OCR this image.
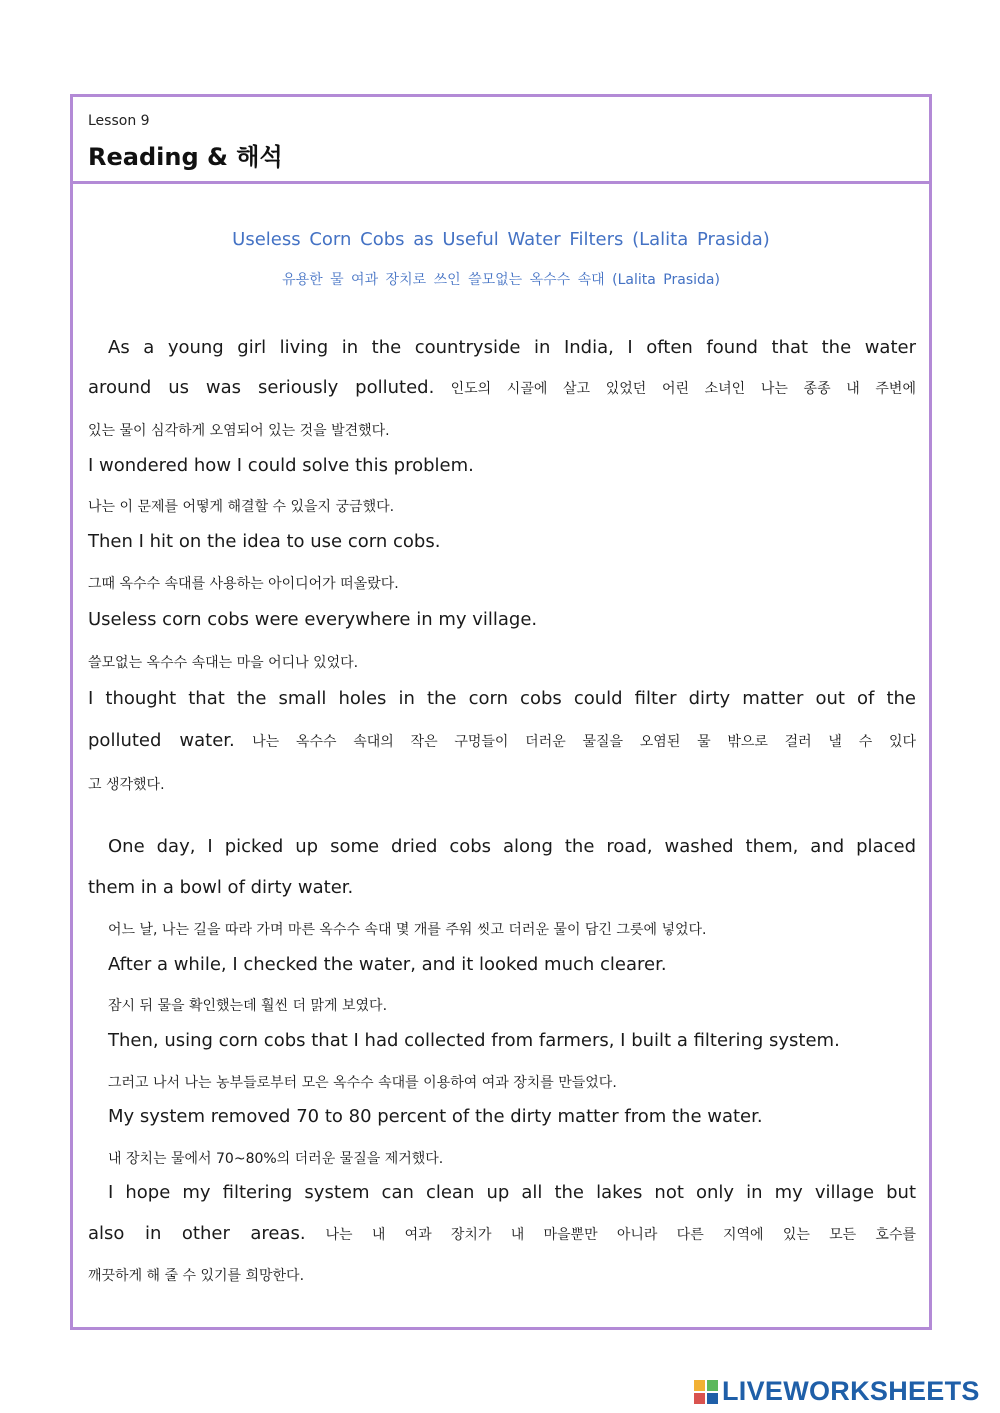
Lesson 9
Reading & 해석
Useless Corn Cobs as Useful Water Filters (Lalita Prasida)
유용한 물 여과 장치로 쓰인 쓸모없는 옥수수 속대 (Lalita Prasida)
As a young girl living in the countryside in India, I often found that the water
around us was seriously polluted. 인도의 시골에 살고 있었던 어린 소녀인 나는 종종 내 주변에
있는 물이 심각하게 오염되어 있는 것을 발견했다.
I wondered how I could solve this problem.
나는 이 문제를 어떻게 해결할 수 있을지 궁금했다.
Then I hit on the idea to use corn cobs.
그때 옥수수 속대를 사용하는 아이디어가 떠올랐다.
Useless corn cobs were everywhere in my village.
쓸모없는 옥수수 속대는 마을 어디나 있었다.
I thought that the small holes in the corn cobs could filter dirty matter out of the
polluted water. 나는 옥수수 속대의 작은 구멍들이 더러운 물질을 오염된 물 밖으로 걸러 낼 수 있다
고 생각했다.
One day, I picked up some dried cobs along the road, washed them, and placed
them in a bowl of dirty water.
어느 날, 나는 길을 따라 가며 마른 옥수수 속대 몇 개를 주워 씻고 더러운 물이 담긴 그릇에 넣었다.
After a while, I checked the water, and it looked much clearer.
잠시 뒤 물을 확인했는데 훨씬 더 맑게 보였다.
Then, using corn cobs that I had collected from farmers, I built a filtering system.
그러고 나서 나는 농부들로부터 모은 옥수수 속대를 이용하여 여과 장치를 만들었다.
My system removed 70 to 80 percent of the dirty matter from the water.
내 장치는 물에서 70~80%의 더러운 물질을 제거했다.
I hope my filtering system can clean up all the lakes not only in my village but
also in other areas. 나는 내 여과 장치가 내 마을뿐만 아니라 다른 지역에 있는 모든 호수를
깨끗하게 해 줄 수 있기를 희망한다.
LIVEWORKSHEETS
